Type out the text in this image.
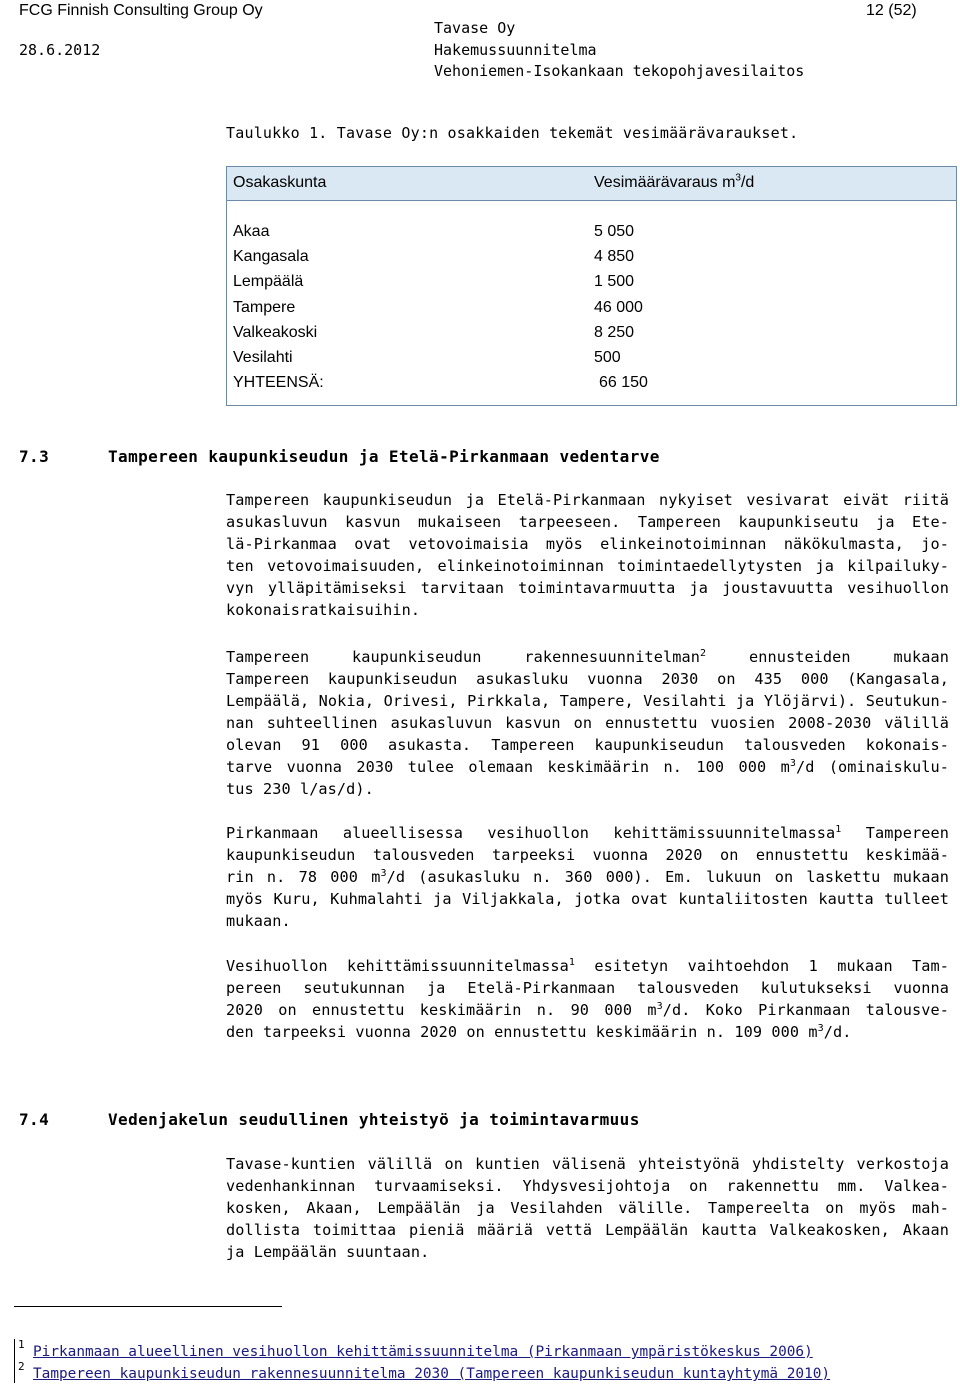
FCG Finnish Consulting Group Oy	12 (52)
28.6.2012
Tavase Oy
Hakemussuunnitelma
Vehoniemen-Isokankaan tekopohjavesilaitos
Taulukko 1. Tavase Oy:n osakkaiden tekemät vesimäärävaraukset.
Osakaskunta	Vesimäärävaraus $m^3/d$
Akaa	5 050
Kangasala	4 850
Lempäälä	1 500
Tampere	46 000
Valkeakoski	8 250
Vesilahti	500
YHTEENSÄ:	66 150
7.3	Tampereen kaupunkiseudun ja Etelä-Pirkanmaan vedentarve
Tampereen kaupunkiseudun ja Etelä-Pirkanmaan nykyiset vesivarat eivät riitä
asukasluvun kasvun mukaiseen tarpeeseen. Tampereen kaupunkiseutu ja Ete-
lä-Pirkanmaa ovat vetovoimaisia myös elinkeinotoiminnan näkökulmasta, jo-
ten vetovoimaisuuden, elinkeinotoiminnan toimintaedellytysten ja kilpailuky-
vyn ylläpitämiseksi tarvitaan toimintavarmuutta ja joustavuutta vesihuollon
kokonaisratkaisuihin.
Tampereen kaupunkiseudun rakennesuunnitelman$^2$ ennusteiden mukaan
Tampereen kaupunkiseudun asukasluku vuonna 2030 on 435 000 (Kangasala,
Lempäälä, Nokia, Orivesi, Pirkkala, Tampere, Vesilahti ja Ylöjärvi). Seutukun-
nan suhteellinen asukasluvun kasvun on ennustettu vuosien 2008-2030 välillä
olevan 91 000 asukasta. Tampereen kaupunkiseudun talousveden kokonais-
tarve vuonna 2030 tulee olemaan keskimäärin n. 100 000 $m^3/d$ (ominaiskulu-
tus 230 l/as/d).
Pirkanmaan alueellisessa vesihuollon kehittämissuunnitelmassa$^1$ Tampereen
kaupunkiseudun talousveden tarpeeksi vuonna 2020 on ennustettu keskimää-
rin n. 78 000 $m^3/d$ (asukasluku n. 360 000). Em. lukuun on laskettu mukaan
myös Kuru, Kuhmalahti ja Viljakkala, jotka ovat kuntaliitosten kautta tulleet
mukaan.
Vesihuollon kehittämissuunnitelmassa$^1$ esitetyn vaihtoehdon 1 mukaan Tam-
pereen seutukunnan ja Etelä-Pirkanmaan talousveden kulutukseksi vuonna
2020 on ennustettu keskimäärin n. 90 000 $m^3/d$. Koko Pirkanmaan talousve-
den tarpeeksi vuonna 2020 on ennustettu keskimäärin n. 109 000 $m^3/d$.
7.4	Vedenjakelun seudullinen yhteistyö ja toimintavarmuus
Tavase-kuntien välillä on kuntien välisenä yhteistyönä yhdistelty verkostoja
vedenhankinnan turvaamiseksi. Yhdysvesijohtoja on rakennettu mm. Valkea-
kosken, Akaan, Lempäälän ja Vesilahden välille. Tampereelta on myös mah-
dollista toimittaa pieniä määriä vettä Lempäälän kautta Valkeakosken, Akaan
ja Lempäälän suuntaan.
1 Pirkanmaan alueellinen vesihuollon kehittämissuunnitelma (Pirkanmaan ympäristökeskus 2006)
2 Tampereen kaupunkiseudun rakennesuunnitelma 2030 (Tampereen kaupunkiseudun kuntayhtymä 2010)
